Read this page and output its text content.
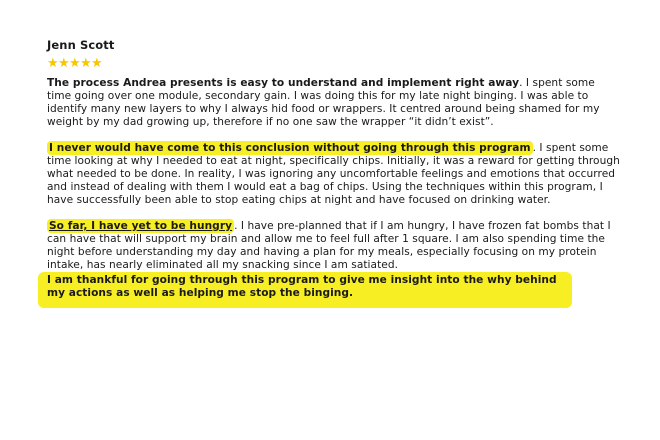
Jenn Scott
★★★★★

The process Andrea presents is easy to understand and implement right away. I spent some time going over one module, secondary gain. I was doing this for my late night binging. I was able to identify many new layers to why I always hid food or wrappers. It centred around being shamed for my weight by my dad growing up, therefore if no one saw the wrapper “it didn’t exist”.

I never would have come to this conclusion without going through this program . I spent some time looking at why I needed to eat at night, specifically chips. Initially, it was a reward for getting through what needed to be done. In reality, I was ignoring any uncomfortable feelings and emotions that occurred and instead of dealing with them I would eat a bag of chips. Using the techniques within this program, I have successfully been able to stop eating chips at night and have focused on drinking water.

So far, I have yet to be hungry . I have pre-planned that if I am hungry, I have frozen fat bombs that I can have that will support my brain and allow me to feel full after 1 square. I am also spending time the night before understanding my day and having a plan for my meals, especially focusing on my protein intake, has nearly eliminated all my snacking since I am satiated.
I am thankful for going through this program to give me insight into the why behind my actions as well as helping me stop the binging.
